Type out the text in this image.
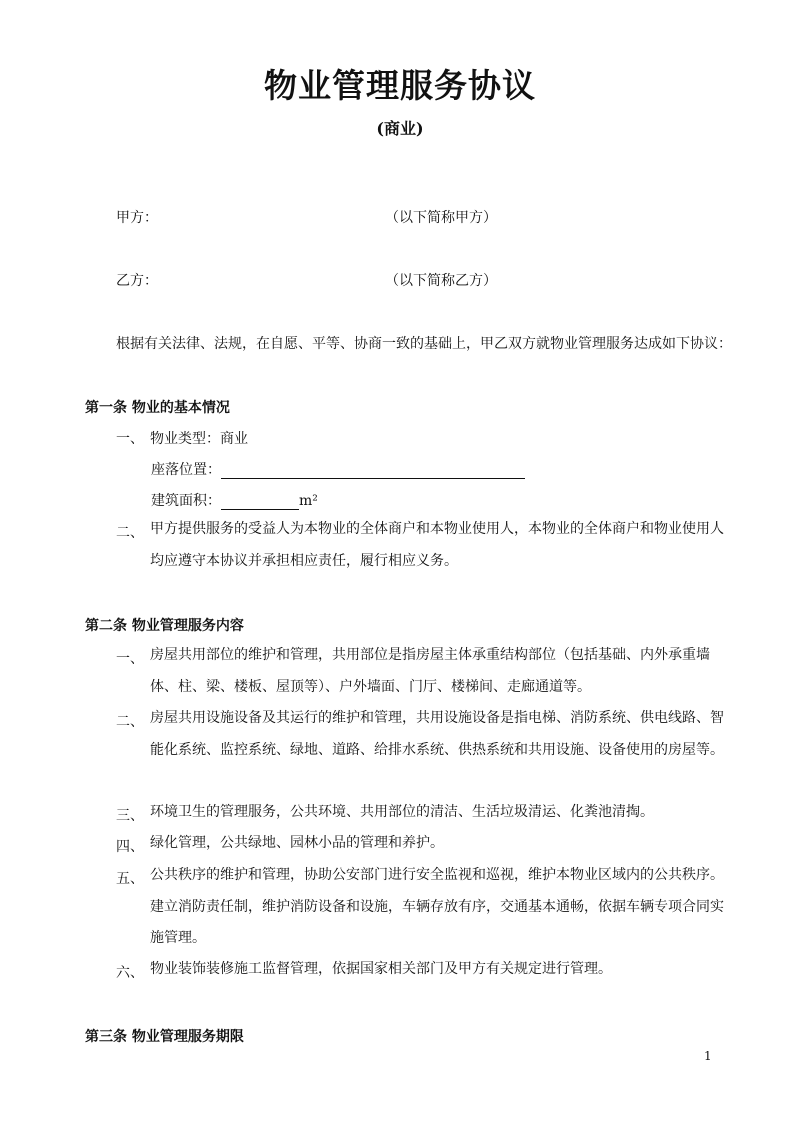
物业管理服务协议
(商业)
甲方：	（以下简称甲方）
乙方：	（以下简称乙方）
根据有关法律、法规，在自愿、平等、协商一致的基础上，甲乙双方就物业管理服务达成如下协议：
第一条 物业的基本情况
一、 物业类型：商业
座落位置：
建筑面积：	m²
二、 甲方提供服务的受益人为本物业的全体商户和本物业使用人，本物业的全体商户和物业使用人均应遵守本协议并承担相应责任，履行相应义务。
第二条 物业管理服务内容
一、 房屋共用部位的维护和管理，共用部位是指房屋主体承重结构部位（包括基础、内外承重墙体、柱、梁、楼板、屋顶等）、户外墙面、门厅、楼梯间、走廊通道等。
二、 房屋共用设施设备及其运行的维护和管理，共用设施设备是指电梯、消防系统、供电线路、智能化系统、监控系统、绿地、道路、给排水系统、供热系统和共用设施、设备使用的房屋等。
三、 环境卫生的管理服务，公共环境、共用部位的清洁、生活垃圾清运、化粪池清掏。
四、 绿化管理，公共绿地、园林小品的管理和养护。
五、 公共秩序的维护和管理，协助公安部门进行安全监视和巡视，维护本物业区域内的公共秩序。建立消防责任制，维护消防设备和设施，车辆存放有序，交通基本通畅，依据车辆专项合同实施管理。
六、 物业装饰装修施工监督管理，依据国家相关部门及甲方有关规定进行管理。
第三条 物业管理服务期限
1
